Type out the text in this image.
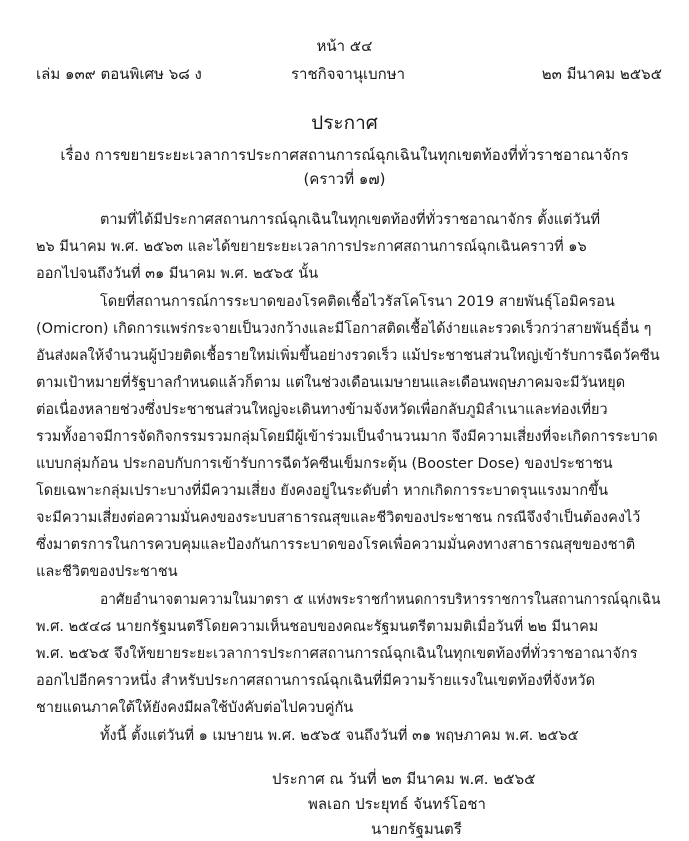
หน้า ๕๔
เล่ม ๑๓๙ ตอนพิเศษ ๖๘ ง	ราชกิจจานุเบกษา	๒๓ มีนาคม ๒๕๖๕
ประกาศ
เรื่อง การขยายระยะเวลาการประกาศสถานการณ์ฉุกเฉินในทุกเขตท้องที่ทั่วราชอาณาจักร
(คราวที่ ๑๗)
ตามที่ได้มีประกาศสถานการณ์ฉุกเฉินในทุกเขตท้องที่ทั่วราชอาณาจักร ตั้งแต่วันที่
๒๖ มีนาคม พ.ศ. ๒๕๖๓ และได้ขยายระยะเวลาการประกาศสถานการณ์ฉุกเฉินคราวที่ ๑๖
ออกไปจนถึงวันที่ ๓๑ มีนาคม พ.ศ. ๒๕๖๕ นั้น
โดยที่สถานการณ์การระบาดของโรคติดเชื้อไวรัสโคโรนา 2019 สายพันธุ์โอมิครอน
(Omicron) เกิดการแพร่กระจายเป็นวงกว้างและมีโอกาสติดเชื้อได้ง่ายและรวดเร็วกว่าสายพันธุ์อื่น ๆ
อันส่งผลให้จำนวนผู้ป่วยติดเชื้อรายใหม่เพิ่มขึ้นอย่างรวดเร็ว แม้ประชาชนส่วนใหญ่เข้ารับการฉีดวัคซีน
ตามเป้าหมายที่รัฐบาลกำหนดแล้วก็ตาม แต่ในช่วงเดือนเมษายนและเดือนพฤษภาคมจะมีวันหยุด
ต่อเนื่องหลายช่วงซึ่งประชาชนส่วนใหญ่จะเดินทางข้ามจังหวัดเพื่อกลับภูมิลำเนาและท่องเที่ยว
รวมทั้งอาจมีการจัดกิจกรรมรวมกลุ่มโดยมีผู้เข้าร่วมเป็นจำนวนมาก จึงมีความเสี่ยงที่จะเกิดการระบาด
แบบกลุ่มก้อน ประกอบกับการเข้ารับการฉีดวัคซีนเข็มกระตุ้น (Booster Dose) ของประชาชน
โดยเฉพาะกลุ่มเปราะบางที่มีความเสี่ยง ยังคงอยู่ในระดับต่ำ หากเกิดการระบาดรุนแรงมากขึ้น
จะมีความเสี่ยงต่อความมั่นคงของระบบสาธารณสุขและชีวิตของประชาชน กรณีจึงจำเป็นต้องคงไว้
ซึ่งมาตรการในการควบคุมและป้องกันการระบาดของโรคเพื่อความมั่นคงทางสาธารณสุขของชาติ
และชีวิตของประชาชน
อาศัยอำนาจตามความในมาตรา ๕ แห่งพระราชกำหนดการบริหารราชการในสถานการณ์ฉุกเฉิน
พ.ศ. ๒๕๔๘ นายกรัฐมนตรีโดยความเห็นชอบของคณะรัฐมนตรีตามมติเมื่อวันที่ ๒๒ มีนาคม
พ.ศ. ๒๕๖๕ จึงให้ขยายระยะเวลาการประกาศสถานการณ์ฉุกเฉินในทุกเขตท้องที่ทั่วราชอาณาจักร
ออกไปอีกคราวหนึ่ง สำหรับประกาศสถานการณ์ฉุกเฉินที่มีความร้ายแรงในเขตท้องที่จังหวัด
ชายแดนภาคใต้ให้ยังคงมีผลใช้บังคับต่อไปควบคู่กัน
ทั้งนี้ ตั้งแต่วันที่ ๑ เมษายน พ.ศ. ๒๕๖๕ จนถึงวันที่ ๓๑ พฤษภาคม พ.ศ. ๒๕๖๕
ประกาศ ณ วันที่ ๒๓ มีนาคม พ.ศ. ๒๕๖๕
พลเอก ประยุทธ์ จันทร์โอชา
นายกรัฐมนตรี
